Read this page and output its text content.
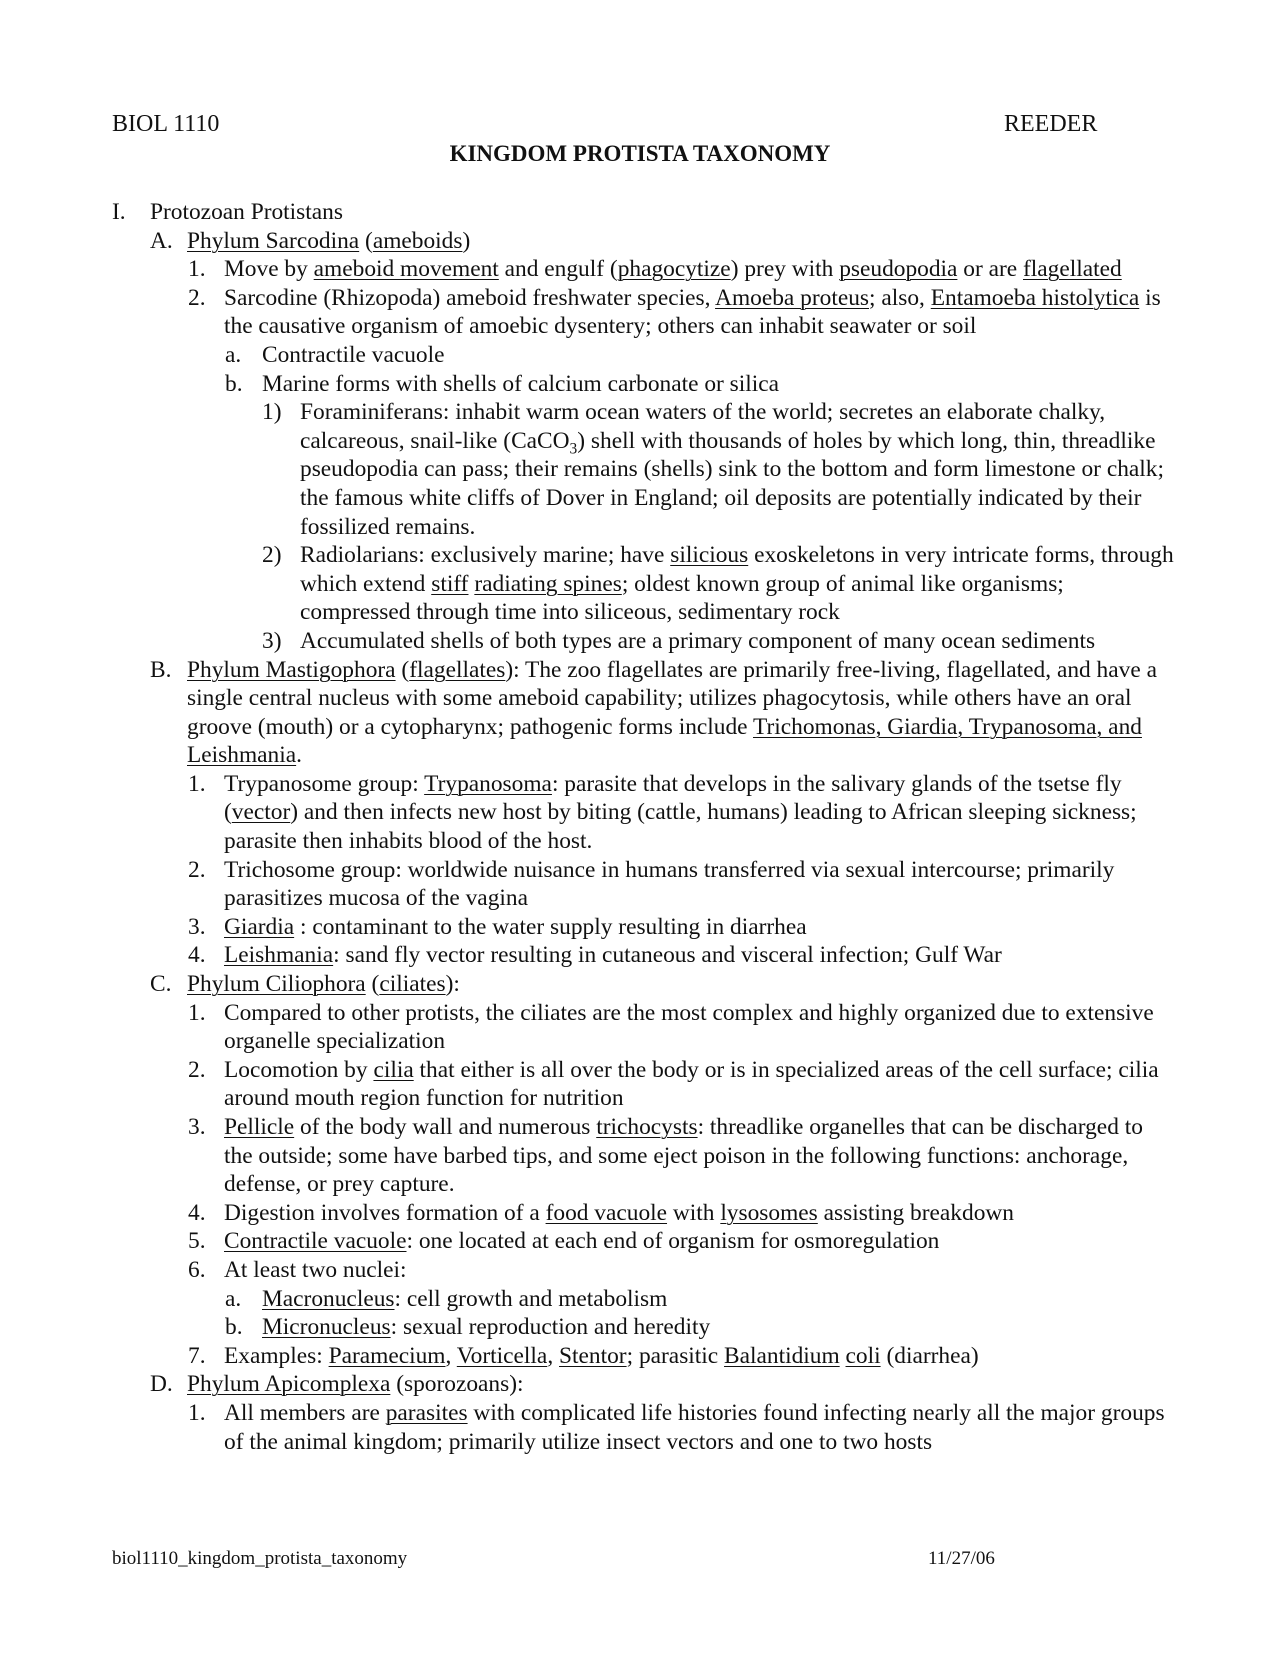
BIOL 1110	REEDER
KINGDOM PROTISTA TAXONOMY
I. Protozoan Protistans
A. Phylum Sarcodina (ameboids)
1. Move by ameboid movement and engulf (phagocytize) prey with pseudopodia or are flagellated
2. Sarcodine (Rhizopoda) ameboid freshwater species, Amoeba proteus; also, Entamoeba histolytica is the causative organism of amoebic dysentery; others can inhabit seawater or soil
a. Contractile vacuole
b. Marine forms with shells of calcium carbonate or silica
1) Foraminiferans: inhabit warm ocean waters of the world; secretes an elaborate chalky, calcareous, snail-like (CaCO$_3$) shell with thousands of holes by which long, thin, threadlike pseudopodia can pass; their remains (shells) sink to the bottom and form limestone or chalk; the famous white cliffs of Dover in England; oil deposits are potentially indicated by their fossilized remains.
2) Radiolarians: exclusively marine; have silicious exoskeletons in very intricate forms, through which extend stiff radiating spines; oldest known group of animal like organisms; compressed through time into siliceous, sedimentary rock
3) Accumulated shells of both types are a primary component of many ocean sediments
B. Phylum Mastigophora (flagellates): The zoo flagellates are primarily free-living, flagellated, and have a single central nucleus with some ameboid capability; utilizes phagocytosis, while others have an oral groove (mouth) or a cytopharynx; pathogenic forms include Trichomonas, Giardia, Trypanosoma, and Leishmania.
1. Trypanosome group: Trypanosoma: parasite that develops in the salivary glands of the tsetse fly (vector) and then infects new host by biting (cattle, humans) leading to African sleeping sickness; parasite then inhabits blood of the host.
2. Trichosome group: worldwide nuisance in humans transferred via sexual intercourse; primarily parasitizes mucosa of the vagina
3. Giardia : contaminant to the water supply resulting in diarrhea
4. Leishmania: sand fly vector resulting in cutaneous and visceral infection; Gulf War
C. Phylum Ciliophora (ciliates):
1. Compared to other protists, the ciliates are the most complex and highly organized due to extensive organelle specialization
2. Locomotion by cilia that either is all over the body or is in specialized areas of the cell surface; cilia around mouth region function for nutrition
3. Pellicle of the body wall and numerous trichocysts: threadlike organelles that can be discharged to the outside; some have barbed tips, and some eject poison in the following functions: anchorage, defense, or prey capture.
4. Digestion involves formation of a food vacuole with lysosomes assisting breakdown
5. Contractile vacuole: one located at each end of organism for osmoregulation
6. At least two nuclei:
a. Macronucleus: cell growth and metabolism
b. Micronucleus: sexual reproduction and heredity
7. Examples: Paramecium, Vorticella, Stentor; parasitic Balantidium coli (diarrhea)
D. Phylum Apicomplexa (sporozoans):
1. All members are parasites with complicated life histories found infecting nearly all the major groups of the animal kingdom; primarily utilize insect vectors and one to two hosts
biol1110_kingdom_protista_taxonomy	11/27/06
